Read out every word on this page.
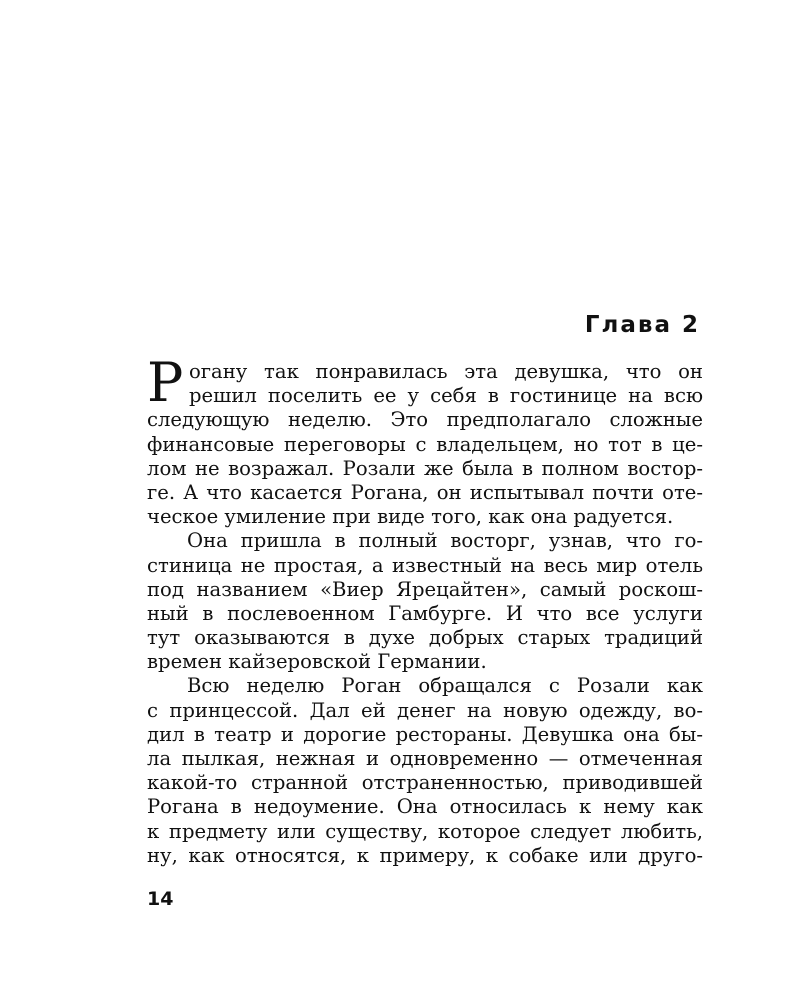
Глава 2
Р огану так понравилась эта девушка, что он
решил поселить ее у себя в гостинице на всю
следующую неделю. Это предполагало сложные
финансовые переговоры с владельцем, но тот в це-
лом не возражал. Розали же была в полном востор-
ге. А что касается Рогана, он испытывал почти оте-
ческое умиление при виде того, как она радуется.
Она пришла в полный восторг, узнав, что го-
стиница не простая, а известный на весь мир отель
под названием «Виер Ярецайтен», самый роскош-
ный в послевоенном Гамбурге. И что все услуги
тут оказываются в духе добрых старых традиций
времен кайзеровской Германии.
Всю неделю Роган обращался с Розали как
с принцессой. Дал ей денег на новую одежду, во-
дил в театр и дорогие рестораны. Девушка она бы-
ла пылкая, нежная и одновременно — отмеченная
какой-то странной отстраненностью, приводившей
Рогана в недоумение. Она относилась к нему как
к предмету или существу, которое следует любить,
ну, как относятся, к примеру, к собаке или друго-

14
